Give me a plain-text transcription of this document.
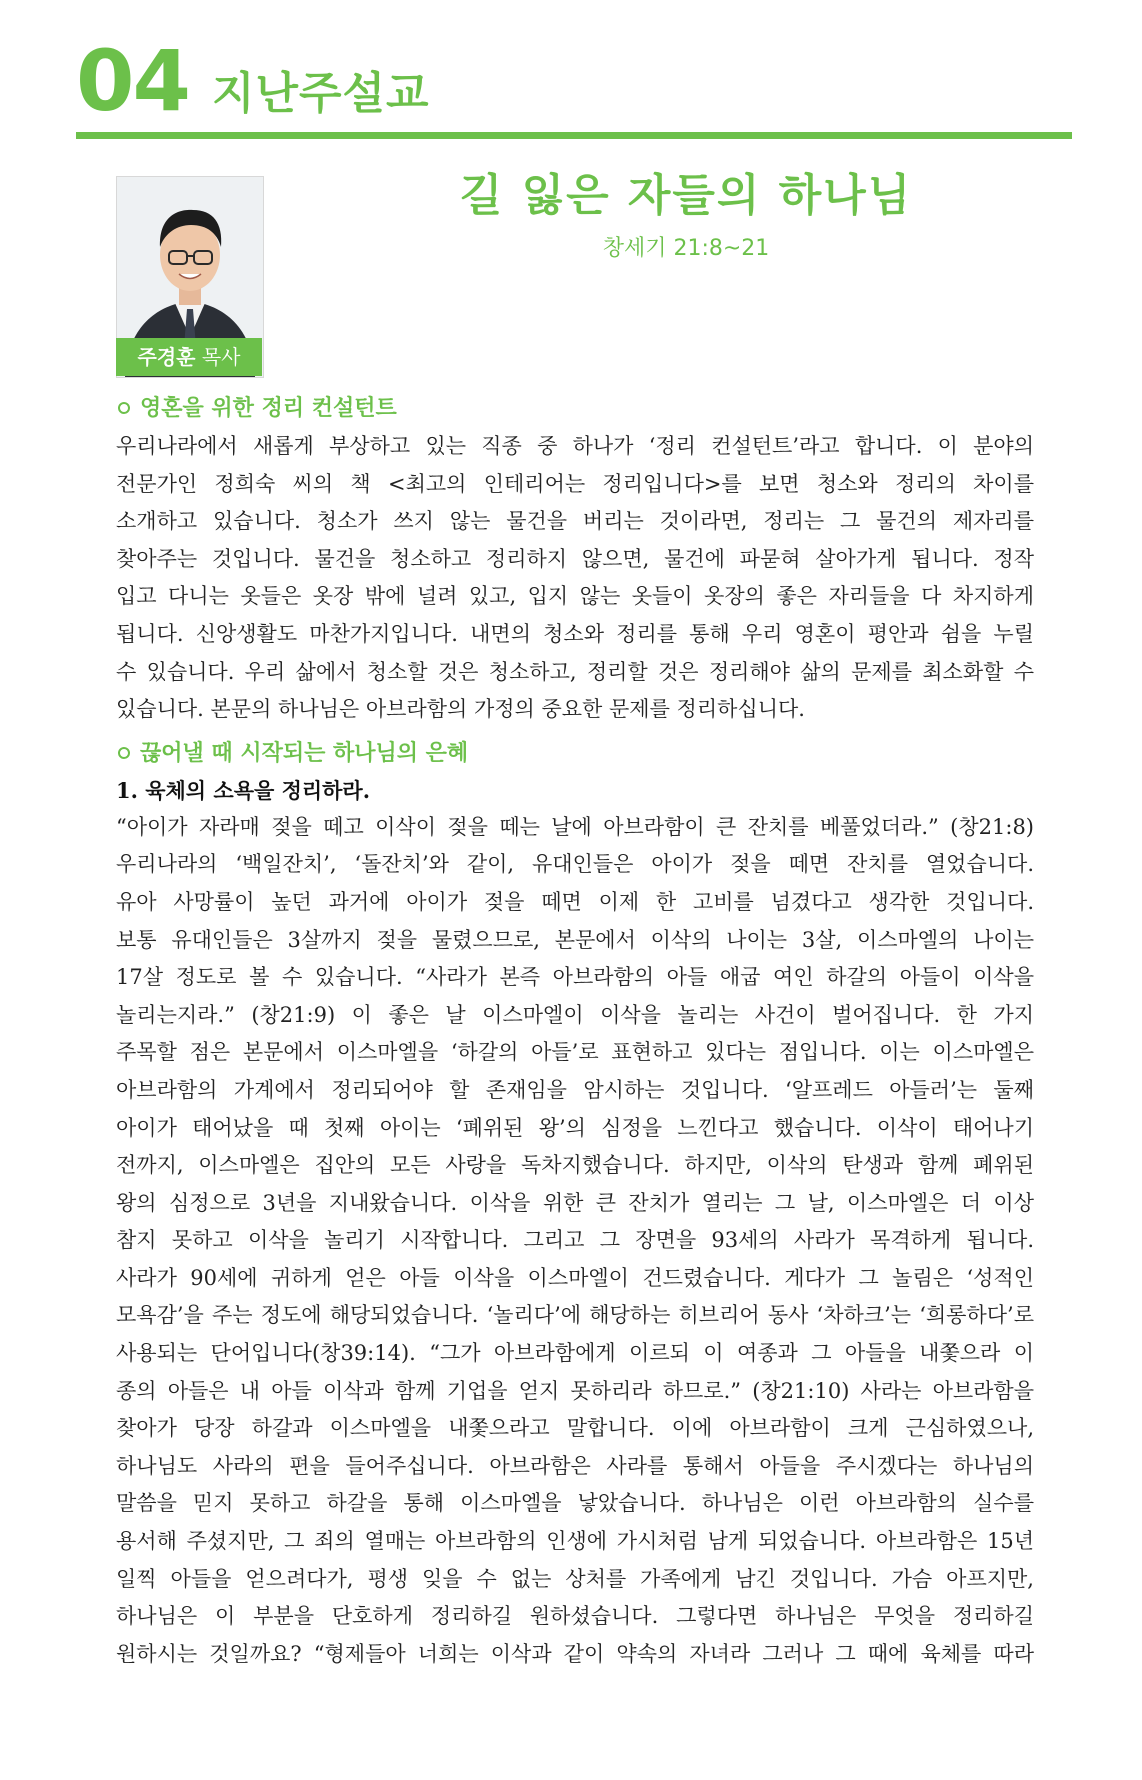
04 지난주설교
주경훈 목사
길 잃은 자들의 하나님
창세기 21:8~21
영혼을 위한 정리 컨설턴트
우리나라에서 새롭게 부상하고 있는 직종 중 하나가 ‘정리 컨설턴트’라고 합니다. 이 분야의
전문가인 정희숙 씨의 책 <최고의 인테리어는 정리입니다>를 보면 청소와 정리의 차이를
소개하고 있습니다. 청소가 쓰지 않는 물건을 버리는 것이라면, 정리는 그 물건의 제자리를
찾아주는 것입니다. 물건을 청소하고 정리하지 않으면, 물건에 파묻혀 살아가게 됩니다. 정작
입고 다니는 옷들은 옷장 밖에 널려 있고, 입지 않는 옷들이 옷장의 좋은 자리들을 다 차지하게
됩니다. 신앙생활도 마찬가지입니다. 내면의 청소와 정리를 통해 우리 영혼이 평안과 쉼을 누릴
수 있습니다. 우리 삶에서 청소할 것은 청소하고, 정리할 것은 정리해야 삶의 문제를 최소화할 수
있습니다. 본문의 하나님은 아브라함의 가정의 중요한 문제를 정리하십니다.
끊어낼 때 시작되는 하나님의 은혜
1. 육체의 소욕을 정리하라.
“아이가 자라매 젖을 떼고 이삭이 젖을 떼는 날에 아브라함이 큰 잔치를 베풀었더라.” (창21:8)
우리나라의 ‘백일잔치’, ‘돌잔치’와 같이, 유대인들은 아이가 젖을 떼면 잔치를 열었습니다.
유아 사망률이 높던 과거에 아이가 젖을 떼면 이제 한 고비를 넘겼다고 생각한 것입니다.
보통 유대인들은 3살까지 젖을 물렸으므로, 본문에서 이삭의 나이는 3살, 이스마엘의 나이는
17살 정도로 볼 수 있습니다. “사라가 본즉 아브라함의 아들 애굽 여인 하갈의 아들이 이삭을
놀리는지라.” (창21:9) 이 좋은 날 이스마엘이 이삭을 놀리는 사건이 벌어집니다. 한 가지
주목할 점은 본문에서 이스마엘을 ‘하갈의 아들’로 표현하고 있다는 점입니다. 이는 이스마엘은
아브라함의 가계에서 정리되어야 할 존재임을 암시하는 것입니다. ‘알프레드 아들러’는 둘째
아이가 태어났을 때 첫째 아이는 ‘폐위된 왕’의 심정을 느낀다고 했습니다. 이삭이 태어나기
전까지, 이스마엘은 집안의 모든 사랑을 독차지했습니다. 하지만, 이삭의 탄생과 함께 폐위된
왕의 심정으로 3년을 지내왔습니다. 이삭을 위한 큰 잔치가 열리는 그 날, 이스마엘은 더 이상
참지 못하고 이삭을 놀리기 시작합니다. 그리고 그 장면을 93세의 사라가 목격하게 됩니다.
사라가 90세에 귀하게 얻은 아들 이삭을 이스마엘이 건드렸습니다. 게다가 그 놀림은 ‘성적인
모욕감’을 주는 정도에 해당되었습니다. ‘놀리다’에 해당하는 히브리어 동사 ‘차하크’는 ‘희롱하다’로
사용되는 단어입니다(창39:14). “그가 아브라함에게 이르되 이 여종과 그 아들을 내쫓으라 이
종의 아들은 내 아들 이삭과 함께 기업을 얻지 못하리라 하므로.” (창21:10) 사라는 아브라함을
찾아가 당장 하갈과 이스마엘을 내쫓으라고 말합니다. 이에 아브라함이 크게 근심하였으나,
하나님도 사라의 편을 들어주십니다. 아브라함은 사라를 통해서 아들을 주시겠다는 하나님의
말씀을 믿지 못하고 하갈을 통해 이스마엘을 낳았습니다. 하나님은 이런 아브라함의 실수를
용서해 주셨지만, 그 죄의 열매는 아브라함의 인생에 가시처럼 남게 되었습니다. 아브라함은 15년
일찍 아들을 얻으려다가, 평생 잊을 수 없는 상처를 가족에게 남긴 것입니다. 가슴 아프지만,
하나님은 이 부분을 단호하게 정리하길 원하셨습니다. 그렇다면 하나님은 무엇을 정리하길
원하시는 것일까요? “형제들아 너희는 이삭과 같이 약속의 자녀라 그러나 그 때에 육체를 따라
